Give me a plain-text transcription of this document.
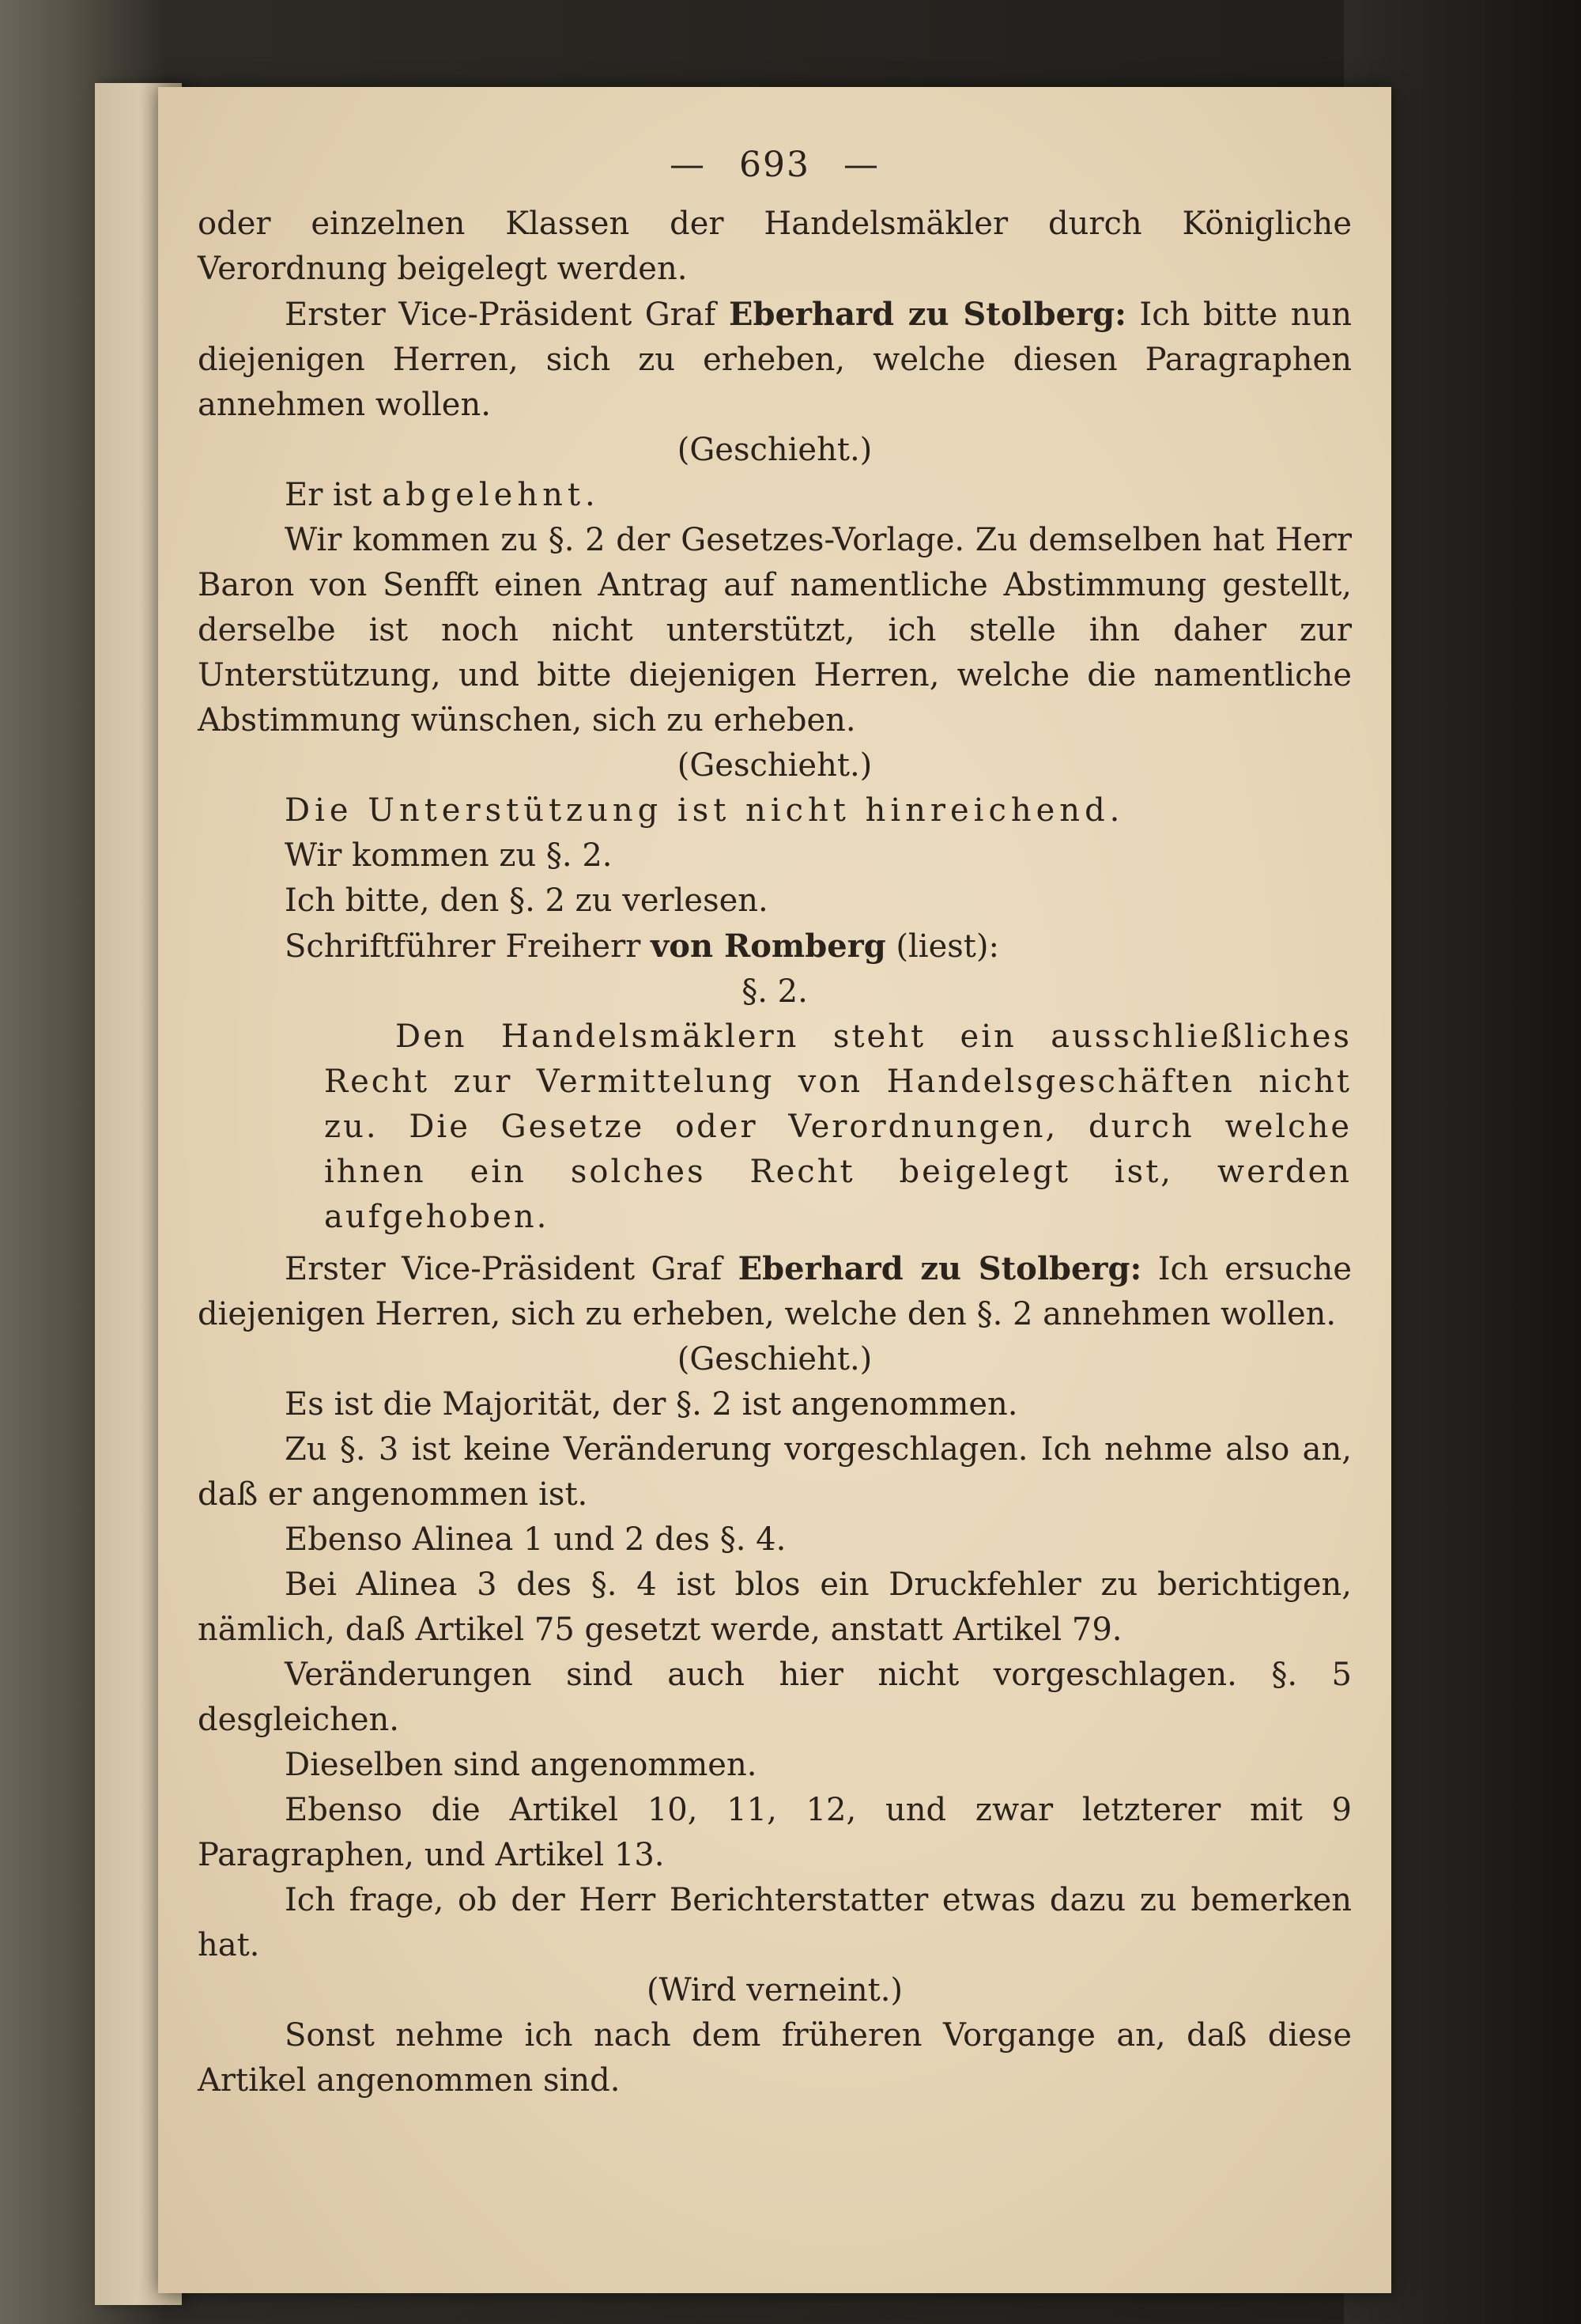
— 693 —

oder einzelnen Klassen der Handelsmäkler durch Königliche Verordnung beigelegt werden.

Erster Vice-Präsident Graf Eberhard zu Stolberg: Ich bitte nun diejenigen Herren, sich zu erheben, welche diesen Paragraphen annehmen wollen.

(Geschieht.)

Er ist abgelehnt.

Wir kommen zu §. 2 der Gesetzes-Vorlage. Zu demselben hat Herr Baron von Senfft einen Antrag auf namentliche Abstimmung gestellt, derselbe ist noch nicht unterstützt, ich stelle ihn daher zur Unterstützung, und bitte diejenigen Herren, welche die namentliche Abstimmung wünschen, sich zu erheben.

(Geschieht.)

Die Unterstützung ist nicht hinreichend.

Wir kommen zu §. 2.

Ich bitte, den §. 2 zu verlesen.

Schriftführer Freiherr von Romberg (liest):

§. 2.

Den Handelsmäklern steht ein ausschließliches Recht zur Vermittelung von Handelsgeschäften nicht zu. Die Gesetze oder Verordnungen, durch welche ihnen ein solches Recht beigelegt ist, werden aufgehoben.

Erster Vice-Präsident Graf Eberhard zu Stolberg: Ich ersuche diejenigen Herren, sich zu erheben, welche den §. 2 annehmen wollen.

(Geschieht.)

Es ist die Majorität, der §. 2 ist angenommen.

Zu §. 3 ist keine Veränderung vorgeschlagen. Ich nehme also an, daß er angenommen ist.

Ebenso Alinea 1 und 2 des §. 4.

Bei Alinea 3 des §. 4 ist blos ein Druckfehler zu berichtigen, nämlich, daß Artikel 75 gesetzt werde, anstatt Artikel 79.

Veränderungen sind auch hier nicht vorgeschlagen. §. 5 desgleichen.

Dieselben sind angenommen.

Ebenso die Artikel 10, 11, 12, und zwar letzterer mit 9 Paragraphen, und Artikel 13.

Ich frage, ob der Herr Berichterstatter etwas dazu zu bemerken hat.

(Wird verneint.)

Sonst nehme ich nach dem früheren Vorgange an, daß diese Artikel angenommen sind.
